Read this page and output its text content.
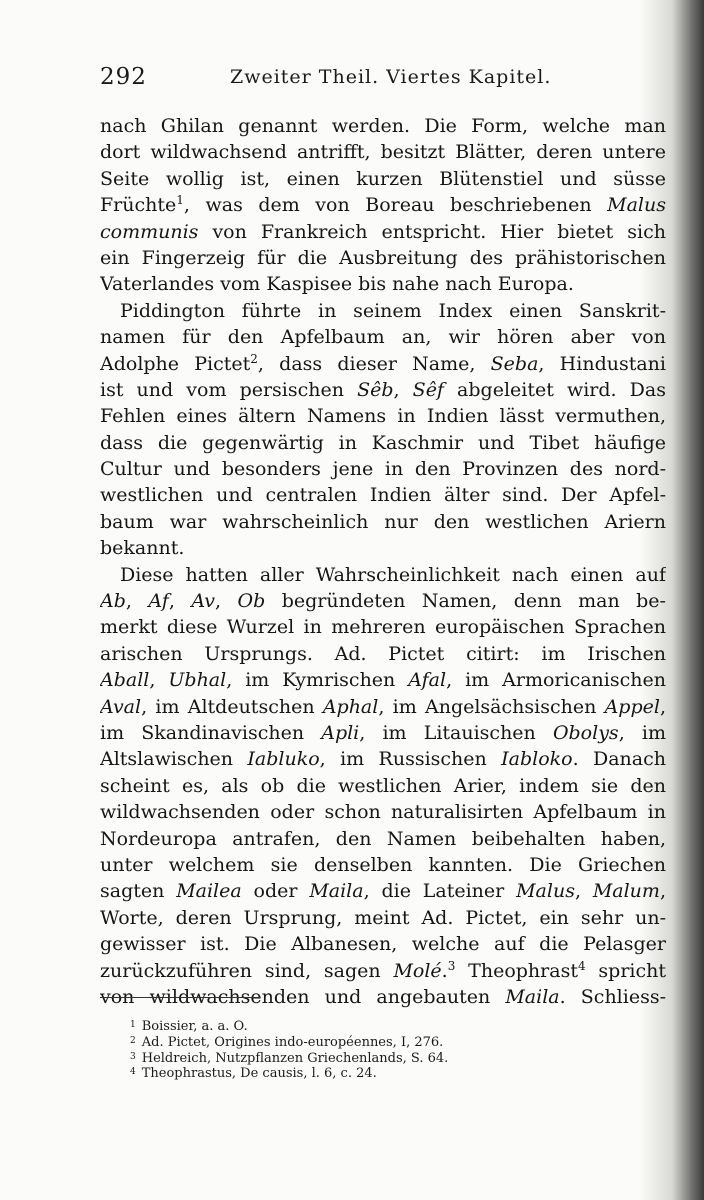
292	Zweiter Theil. Viertes Kapitel.
nach Ghilan genannt werden. Die Form, welche man
dort wildwachsend antrifft, besitzt Blätter, deren untere
Seite wollig ist, einen kurzen Blütenstiel und süsse
Früchte$^1$, was dem von Boreau beschriebenen Malus
communis von Frankreich entspricht. Hier bietet sich
ein Fingerzeig für die Ausbreitung des prähistorischen
Vaterlandes vom Kaspisee bis nahe nach Europa.
Piddington führte in seinem Index einen Sanskrit-
namen für den Apfelbaum an, wir hören aber von
Adolphe Pictet$^2$, dass dieser Name, Seba, Hindustani
ist und vom persischen Sêb, Sêf abgeleitet wird. Das
Fehlen eines ältern Namens in Indien lässt vermuthen,
dass die gegenwärtig in Kaschmir und Tibet häufige
Cultur und besonders jene in den Provinzen des nord-
westlichen und centralen Indien älter sind. Der Apfel-
baum war wahrscheinlich nur den westlichen Ariern
bekannt.
Diese hatten aller Wahrscheinlichkeit nach einen auf
Ab, Af, Av, Ob begründeten Namen, denn man be-
merkt diese Wurzel in mehreren europäischen Sprachen
arischen Ursprungs. Ad. Pictet citirt: im Irischen
Aball, Ubhal, im Kymrischen Afal, im Armoricanischen
Aval, im Altdeutschen Aphal, im Angelsächsischen Appel,
im Skandinavischen Apli, im Litauischen Obolys, im
Altslawischen Iabluko, im Russischen Iabloko. Danach
scheint es, als ob die westlichen Arier, indem sie den
wildwachsenden oder schon naturalisirten Apfelbaum in
Nordeuropa antrafen, den Namen beibehalten haben,
unter welchem sie denselben kannten. Die Griechen
sagten Mailea oder Maila, die Lateiner Malus, Malum,
Worte, deren Ursprung, meint Ad. Pictet, ein sehr un-
gewisser ist. Die Albanesen, welche auf die Pelasger
zurückzuführen sind, sagen Molé.$^3$ Theophrast$^4$ spricht
von wildwachsenden und angebauten Maila. Schliess-
$^1$ Boissier, a. a. O.
$^2$ Ad. Pictet, Origines indo-européennes, I, 276.
$^3$ Heldreich, Nutzpflanzen Griechenlands, S. 64.
$^4$ Theophrastus, De causis, l. 6, c. 24.
